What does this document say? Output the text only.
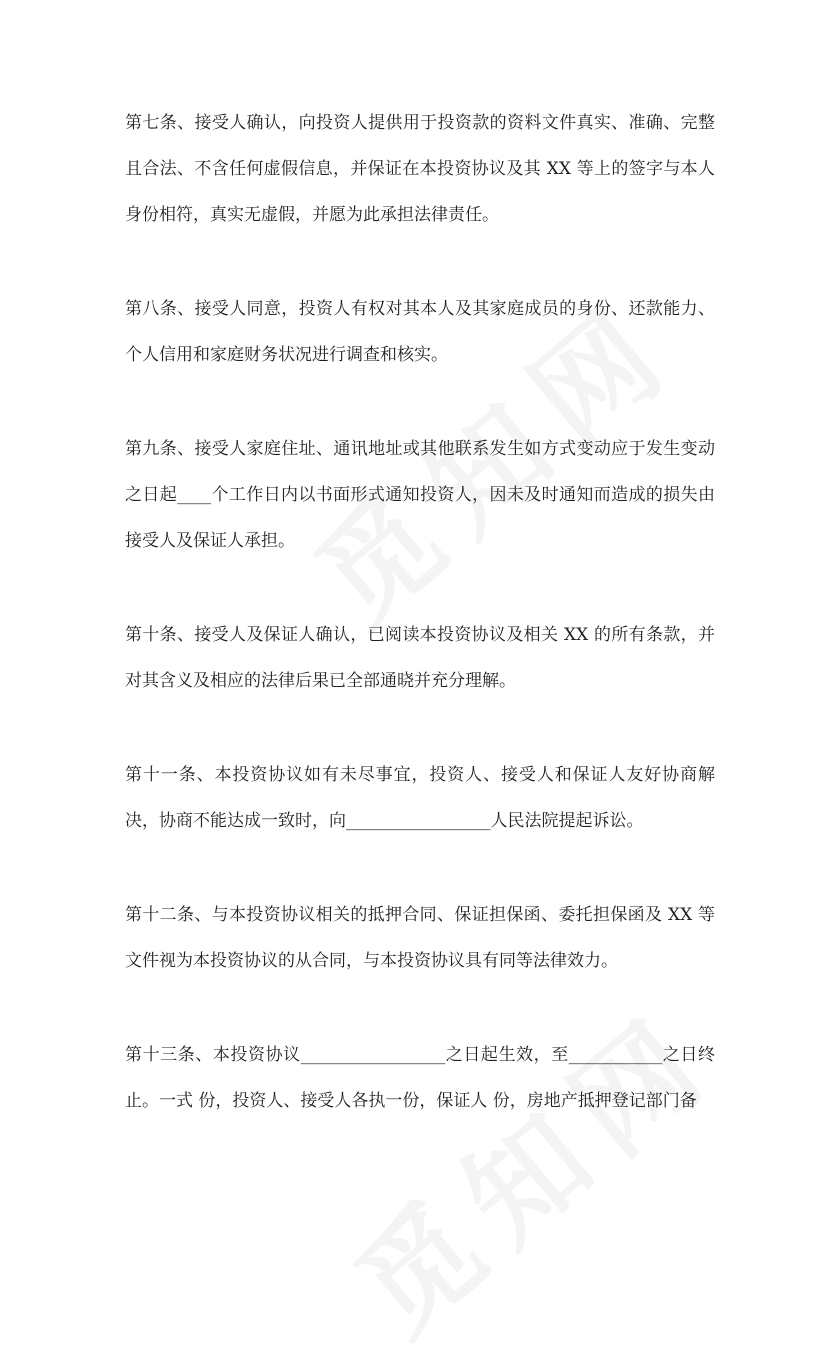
第七条、接受人确认，向投资人提供用于投资款的资料文件真实、准确、完整且合法、不含任何虚假信息，并保证在本投资协议及其 XX 等上的签字与本人身份相符，真实无虚假，并愿为此承担法律责任。

第八条、接受人同意，投资人有权对其本人及其家庭成员的身份、还款能力、个人信用和家庭财务状况进行调查和核实。

第九条、接受人家庭住址、通讯地址或其他联系发生如方式变动应于发生变动之日起____个工作日内以书面形式通知投资人，因未及时通知而造成的损失由接受人及保证人承担。

第十条、接受人及保证人确认，已阅读本投资协议及相关 XX 的所有条款，并对其含义及相应的法律后果已全部通晓并充分理解。

第十一条、本投资协议如有未尽事宜，投资人、接受人和保证人友好协商解决，协商不能达成一致时，向_________________人民法院提起诉讼。

第十二条、与本投资协议相关的抵押合同、保证担保函、委托担保函及 XX 等文件视为本投资协议的从合同，与本投资协议具有同等法律效力。

第十三条、本投资协议_________________之日起生效，至___________之日终止。一式 份，投资人、接受人各执一份，保证人 份，房地产抵押登记部门备
